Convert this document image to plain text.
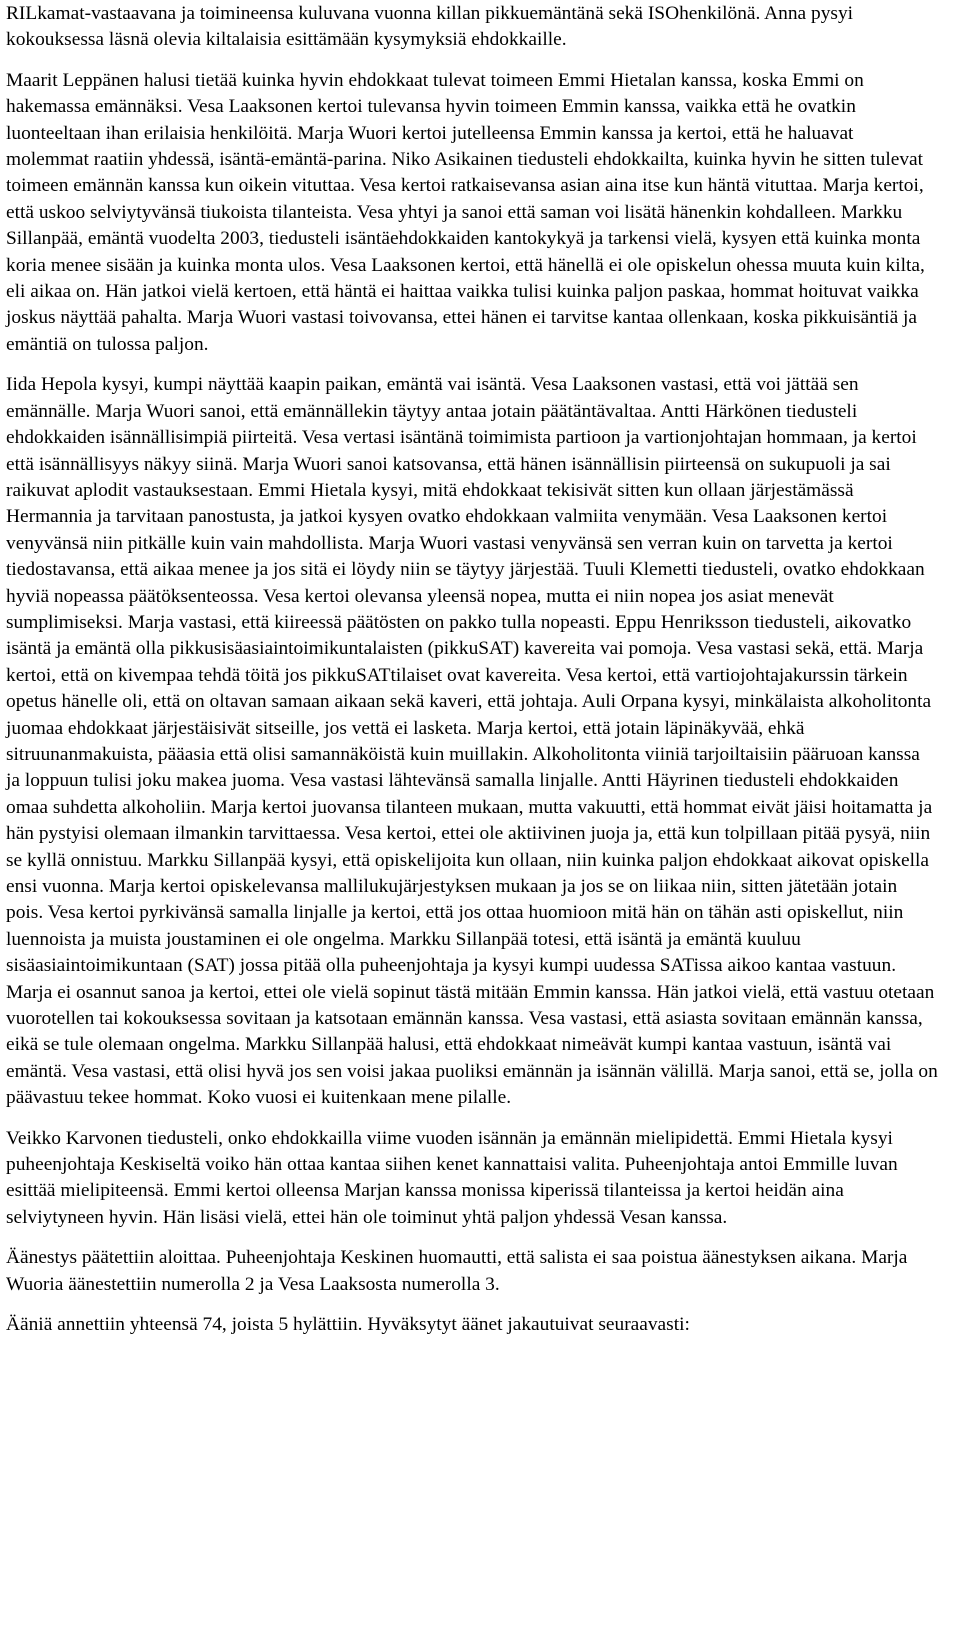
RILkamat-vastaavana ja toimineensa kuluvana vuonna killan pikkuemäntänä sekä ISOhenkilönä. Anna pysyi kokouksessa läsnä olevia kiltalaisia esittämään kysymyksiä ehdokkaille.

Maarit Leppänen halusi tietää kuinka hyvin ehdokkaat tulevat toimeen Emmi Hietalan kanssa, koska Emmi on hakemassa emännäksi. Vesa Laaksonen kertoi tulevansa hyvin toimeen Emmin kanssa, vaikka että he ovatkin luonteeltaan ihan erilaisia henkilöitä. Marja Wuori kertoi jutelleensa Emmin kanssa ja kertoi, että he haluavat molemmat raatiin yhdessä, isäntä-emäntä-parina. Niko Asikainen tiedusteli ehdokkailta, kuinka hyvin he sitten tulevat toimeen emännän kanssa kun oikein vituttaa. Vesa kertoi ratkaisevansa asian aina itse kun häntä vituttaa. Marja kertoi, että uskoo selviytyvänsä tiukoista tilanteista. Vesa yhtyi ja sanoi että saman voi lisätä hänenkin kohdalleen. Markku Sillanpää, emäntä vuodelta 2003, tiedusteli isäntäehdokkaiden kantokykyä ja tarkensi vielä, kysyen että kuinka monta koria menee sisään ja kuinka monta ulos. Vesa Laaksonen kertoi, että hänellä ei ole opiskelun ohessa muuta kuin kilta, eli aikaa on. Hän jatkoi vielä kertoen, että häntä ei haittaa vaikka tulisi kuinka paljon paskaa, hommat hoituvat vaikka joskus näyttää pahalta. Marja Wuori vastasi toivovansa, ettei hänen ei tarvitse kantaa ollenkaan, koska pikkuisäntiä ja emäntiä on tulossa paljon.

Iida Hepola kysyi, kumpi näyttää kaapin paikan, emäntä vai isäntä. Vesa Laaksonen vastasi, että voi jättää sen emännälle. Marja Wuori sanoi, että emännällekin täytyy antaa jotain päätäntävaltaa. Antti Härkönen tiedusteli ehdokkaiden isännällisimpiä piirteitä. Vesa vertasi isäntänä toimimista partioon ja vartionjohtajan hommaan, ja kertoi että isännällisyys näkyy siinä. Marja Wuori sanoi katsovansa, että hänen isännällisin piirteensä on sukupuoli ja sai raikuvat aplodit vastauksestaan. Emmi Hietala kysyi, mitä ehdokkaat tekisivät sitten kun ollaan järjestämässä Hermannia ja tarvitaan panostusta, ja jatkoi kysyen ovatko ehdokkaan valmiita venymään. Vesa Laaksonen kertoi venyvänsä niin pitkälle kuin vain mahdollista. Marja Wuori vastasi venyvänsä sen verran kuin on tarvetta ja kertoi tiedostavansa, että aikaa menee ja jos sitä ei löydy niin se täytyy järjestää. Tuuli Klemetti tiedusteli, ovatko ehdokkaan hyviä nopeassa päätöksenteossa. Vesa kertoi olevansa yleensä nopea, mutta ei niin nopea jos asiat menevät sumplimiseksi. Marja vastasi, että kiireessä päätösten on pakko tulla nopeasti. Eppu Henriksson tiedusteli, aikovatko isäntä ja emäntä olla pikkusisäasiaintoimikuntalaisten (pikkuSAT) kavereita vai pomoja. Vesa vastasi sekä, että. Marja kertoi, että on kivempaa tehdä töitä jos pikkuSATtilaiset ovat kavereita. Vesa kertoi, että vartiojohtajakurssin tärkein opetus hänelle oli, että on oltavan samaan aikaan sekä kaveri, että johtaja. Auli Orpana kysyi, minkälaista alkoholitonta juomaa ehdokkaat järjestäisivät sitseille, jos vettä ei lasketa. Marja kertoi, että jotain läpinäkyvää, ehkä sitruunanmakuista, pääasia että olisi samannäköistä kuin muillakin. Alkoholitonta viiniä tarjoiltaisiin pääruoan kanssa ja loppuun tulisi joku makea juoma. Vesa vastasi lähtevänsä samalla linjalle. Antti Häyrinen tiedusteli ehdokkaiden omaa suhdetta alkoholiin. Marja kertoi juovansa tilanteen mukaan, mutta vakuutti, että hommat eivät jäisi hoitamatta ja hän pystyisi olemaan ilmankin tarvittaessa. Vesa kertoi, ettei ole aktiivinen juoja ja, että kun tolpillaan pitää pysyä, niin se kyllä onnistuu. Markku Sillanpää kysyi, että opiskelijoita kun ollaan, niin kuinka paljon ehdokkaat aikovat opiskella ensi vuonna. Marja kertoi opiskelevansa mallilukujärjestyksen mukaan ja jos se on liikaa niin, sitten jätetään jotain pois. Vesa kertoi pyrkivänsä samalla linjalle ja kertoi, että jos ottaa huomioon mitä hän on tähän asti opiskellut, niin luennoista ja muista joustaminen ei ole ongelma. Markku Sillanpää totesi, että isäntä ja emäntä kuuluu sisäasiaintoimikuntaan (SAT) jossa pitää olla puheenjohtaja ja kysyi kumpi uudessa SATissa aikoo kantaa vastuun. Marja ei osannut sanoa ja kertoi, ettei ole vielä sopinut tästä mitään Emmin kanssa. Hän jatkoi vielä, että vastuu otetaan vuorotellen tai kokouksessa sovitaan ja katsotaan emännän kanssa. Vesa vastasi, että asiasta sovitaan emännän kanssa, eikä se tule olemaan ongelma. Markku Sillanpää halusi, että ehdokkaat nimeävät kumpi kantaa vastuun, isäntä vai emäntä. Vesa vastasi, että olisi hyvä jos sen voisi jakaa puoliksi emännän ja isännän välillä. Marja sanoi, että se, jolla on päävastuu tekee hommat. Koko vuosi ei kuitenkaan mene pilalle.

Veikko Karvonen tiedusteli, onko ehdokkailla viime vuoden isännän ja emännän mielipidettä. Emmi Hietala kysyi puheenjohtaja Keskiseltä voiko hän ottaa kantaa siihen kenet kannattaisi valita. Puheenjohtaja antoi Emmille luvan esittää mielipiteensä. Emmi kertoi olleensa Marjan kanssa monissa kiperissä tilanteissa ja kertoi heidän aina selviytyneen hyvin. Hän lisäsi vielä, ettei hän ole toiminut yhtä paljon yhdessä Vesan kanssa.

Äänestys päätettiin aloittaa. Puheenjohtaja Keskinen huomautti, että salista ei saa poistua äänestyksen aikana. Marja Wuoria äänestettiin numerolla 2 ja Vesa Laaksosta numerolla 3.

Ääniä annettiin yhteensä 74, joista 5 hylättiin. Hyväksytyt äänet jakautuivat seuraavasti:
